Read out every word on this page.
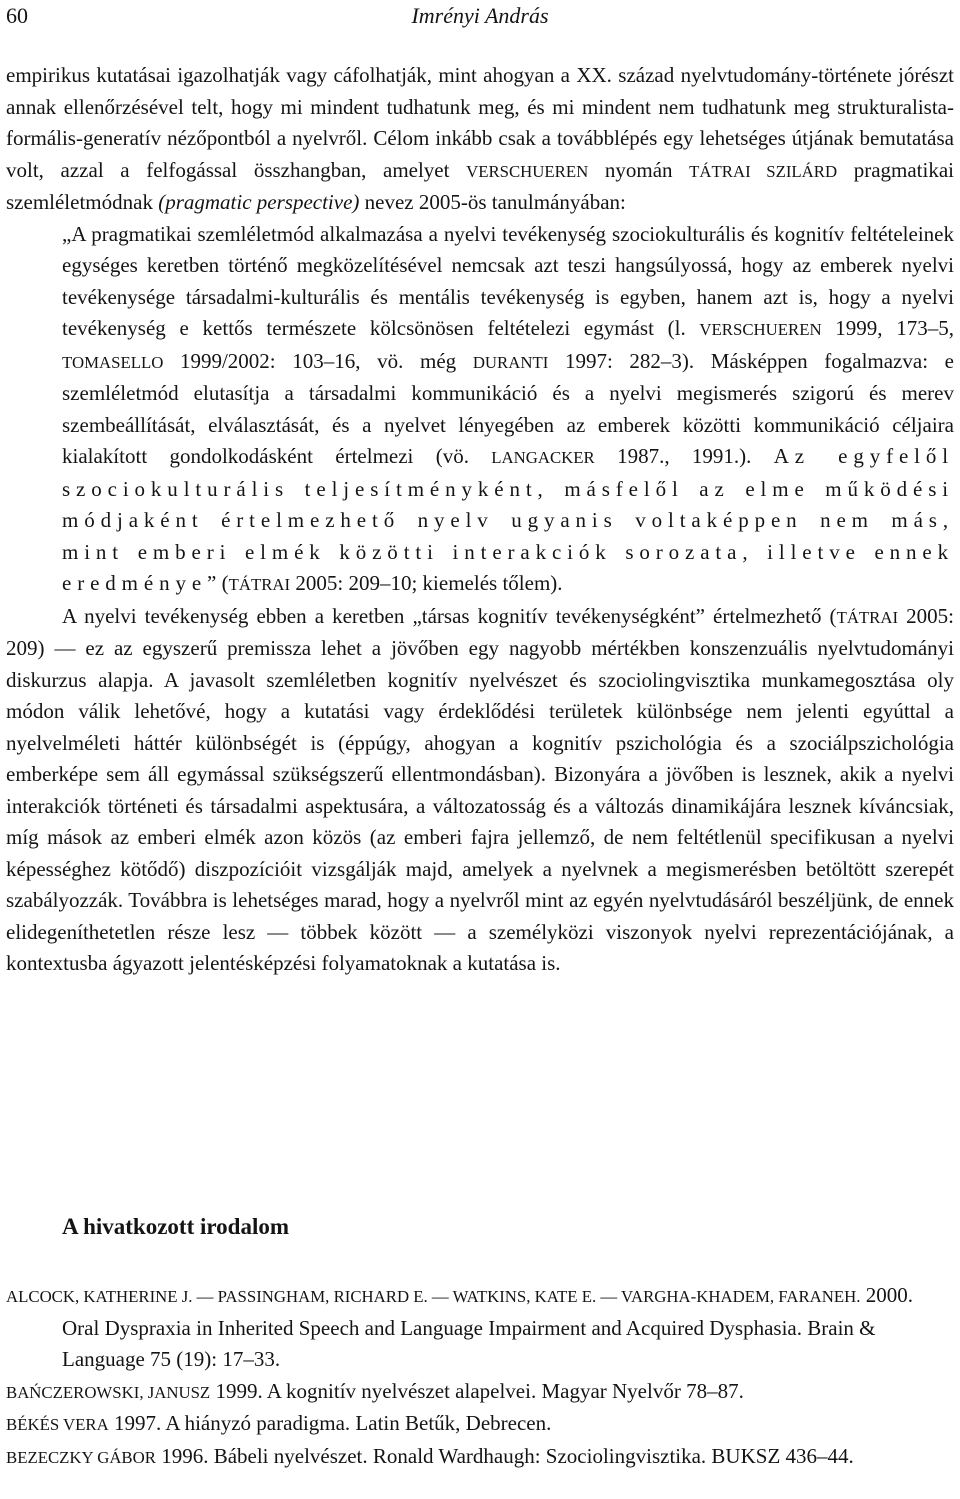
60	Imrényi András

empirikus kutatásai igazolhatják vagy cáfolhatják, mint ahogyan a XX. század nyelvtudomány-története jórészt annak ellenőrzésével telt, hogy mi mindent tudhatunk meg, és mi mindent nem tudhatunk meg strukturalista-formális-generatív nézőpontból a nyelvről. Célom inkább csak a továbblépés egy lehetséges útjának bemutatása volt, azzal a felfogással összhangban, amelyet VERSCHUEREN nyomán TÁTRAI SZILÁRD pragmatikai szemléletmódnak (pragmatic perspective) nevez 2005-ös tanulmányában:

„A pragmatikai szemléletmód alkalmazása a nyelvi tevékenység szociokulturális és kognitív feltételeinek egységes keretben történő megközelítésével nemcsak azt teszi hangsúlyossá, hogy az emberek nyelvi tevékenysége társadalmi-kulturális és mentális tevékenység is egyben, hanem azt is, hogy a nyelvi tevékenység e kettős természete kölcsönösen feltételezi egymást (l. VERSCHUEREN 1999, 173–5, TOMASELLO 1999/2002: 103–16, vö. még DURANTI 1997: 282–3). Másképpen fogalmazva: e szemléletmód elutasítja a társadalmi kommunikáció és a nyelvi megismerés szigorú és merev szembeállítását, elválasztását, és a nyelvet lényegében az emberek közötti kommunikáció céljaira kialakított gondolkodásként értelmezi (vö. LANGACKER 1987., 1991.). Az egyfelől szociokulturális teljesítményként, másfelől az elme működési módjaként értelmezhető nyelv ugyanis voltaképpen nem más, mint emberi elmék közötti interakciók sorozata, illetve ennek eredménye” (TÁTRAI 2005: 209–10; kiemelés tőlem).

A nyelvi tevékenység ebben a keretben „társas kognitív tevékenységként” értelmezhető (TÁTRAI 2005: 209) — ez az egyszerű premissza lehet a jövőben egy nagyobb mértékben konszenzuális nyelvtudományi diskurzus alapja. A javasolt szemléletben kognitív nyelvészet és szociolingvisztika munkamegosztása oly módon válik lehetővé, hogy a kutatási vagy érdeklődési területek különbsége nem jelenti egyúttal a nyelvelméleti háttér különbségét is (éppúgy, ahogyan a kognitív pszichológia és a szociálpszichológia emberképe sem áll egymással szükségszerű ellentmondásban). Bizonyára a jövőben is lesznek, akik a nyelvi interakciók történeti és társadalmi aspektusára, a változatosság és a változás dinamikájára lesznek kíváncsiak, míg mások az emberi elmék azon közös (az emberi fajra jellemző, de nem feltétlenül specifikusan a nyelvi képességhez kötődő) diszpozícióit vizsgálják majd, amelyek a nyelvnek a megismerésben betöltött szerepét szabályozzák. Továbbra is lehetséges marad, hogy a nyelvről mint az egyén nyelvtudásáról beszéljünk, de ennek elidegeníthetetlen része lesz — többek között — a személyközi viszonyok nyelvi reprezentációjának, a kontextusba ágyazott jelentésképzési folyamatoknak a kutatása is.

A hivatkozott irodalom

ALCOCK, KATHERINE J. — PASSINGHAM, RICHARD E. — WATKINS, KATE E. — VARGHA-KHADEM, FARANEH. 2000. Oral Dyspraxia in Inherited Speech and Language Impairment and Acquired Dysphasia. Brain & Language 75 (19): 17–33.

BAŃCZEROWSKI, JANUSZ 1999. A kognitív nyelvészet alapelvei. Magyar Nyelvőr 78–87.

BÉKÉS VERA 1997. A hiányzó paradigma. Latin Betűk, Debrecen.

BEZECZKY GÁBOR 1996. Bábeli nyelvészet. Ronald Wardhaugh: Szociolingvisztika. BUKSZ 436–44.
